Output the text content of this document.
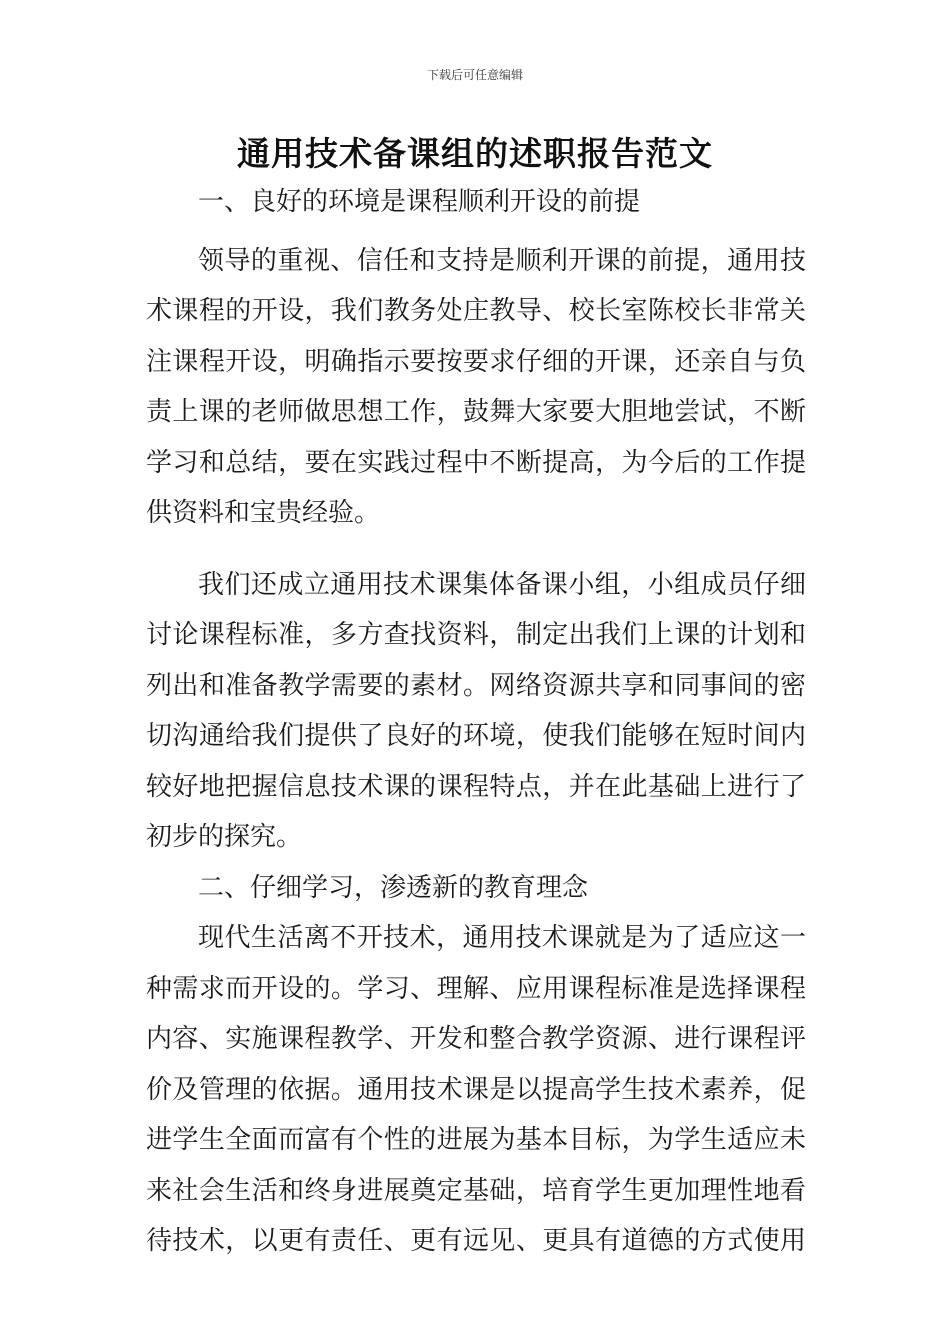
下载后可任意编辑
通用技术备课组的述职报告范文
一、良好的环境是课程顺利开设的前提
领导的重视、信任和支持是顺利开课的前提，通用技
术课程的开设，我们教务处庄教导、校长室陈校长非常关
注课程开设，明确指示要按要求仔细的开课，还亲自与负
责上课的老师做思想工作，鼓舞大家要大胆地尝试，不断
学习和总结，要在实践过程中不断提高，为今后的工作提
供资料和宝贵经验。
我们还成立通用技术课集体备课小组，小组成员仔细
讨论课程标准，多方查找资料，制定出我们上课的计划和
列出和准备教学需要的素材。网络资源共享和同事间的密
切沟通给我们提供了良好的环境，使我们能够在短时间内
较好地把握信息技术课的课程特点，并在此基础上进行了
初步的探究。
二、仔细学习，渗透新的教育理念
现代生活离不开技术，通用技术课就是为了适应这一
种需求而开设的。学习、理解、应用课程标准是选择课程
内容、实施课程教学、开发和整合教学资源、进行课程评
价及管理的依据。通用技术课是以提高学生技术素养，促
进学生全面而富有个性的进展为基本目标，为学生适应未
来社会生活和终身进展奠定基础，培育学生更加理性地看
待技术，以更有责任、更有远见、更具有道德的方式使用
